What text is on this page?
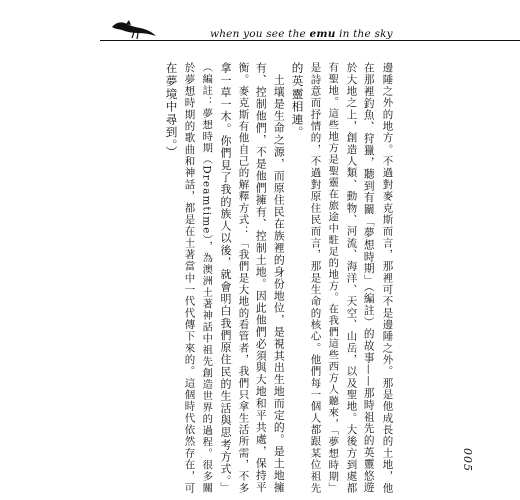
when you see the emu in the sky
邊陲之外的地方。不過對麥克斯而言，那裡可不是邊陲之外。那是他成長的土地，他
在那裡釣魚、狩獵，聽到有關「夢想時期」（編註）的故事——那時祖先的英靈悠遊
於大地之上，創造人類、動物、河流、海洋、天空、山岳，以及聖地。大後方到處都
有聖地。這些地方是聖靈在旅途中駐足的地方。在我們這些西方人聽來，「夢想時期」
是詩意而抒情的，不過對原住民而言，那是生命的核心。他們每一個人都跟某位祖先
的英靈相連。
　土壤是生命之源，而原住民在族裡的身份地位，是視其出生地而定的。是土地擁
有、控制他們，不是他們擁有、控制土地。因此他們必須與大地和平共處，保持平
衡。麥克斯有他自己的解釋方式：「我們是大地的看管者，我們只拿生活所需，不多
拿一草一木。你們見了我的族人以後，就會明白我們原住民的生活與思考方式。」
（編註：夢想時期（Dreamtime），為澳洲土著神話中祖先創造世界的過程。很多關
於夢想時期的歌曲和神話，都是在土著當中一代代傳下來的。這個時代依然存在，可
在夢境中尋到。）
005
